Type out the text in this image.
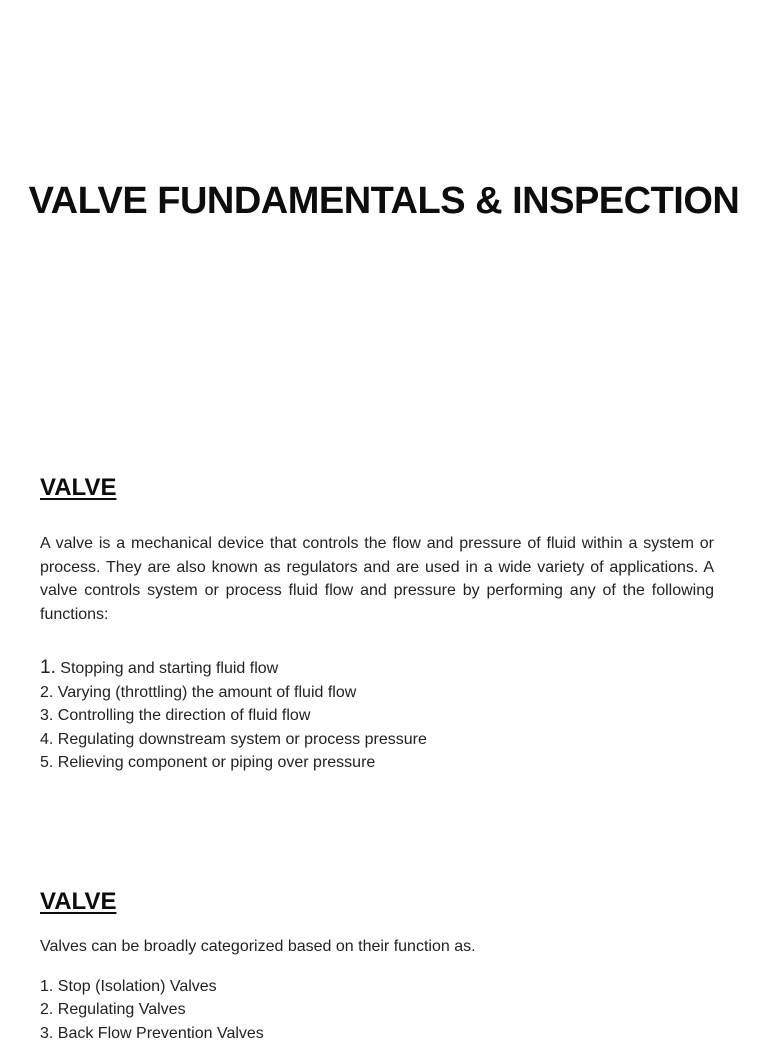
VALVE FUNDAMENTALS & INSPECTION
VALVE

A valve is a mechanical device that controls the flow and pressure of fluid within a system or process. They are also known as regulators and are used in a wide variety of applications. A valve controls system or process fluid flow and pressure by performing any of the following functions:

1. Stopping and starting fluid flow
2. Varying (throttling) the amount of fluid flow
3. Controlling the direction of fluid flow
4. Regulating downstream system or process pressure
5. Relieving component or piping over pressure
VALVE

Valves can be broadly categorized based on their function as.

1. Stop (Isolation) Valves
2. Regulating Valves
3. Back Flow Prevention Valves
